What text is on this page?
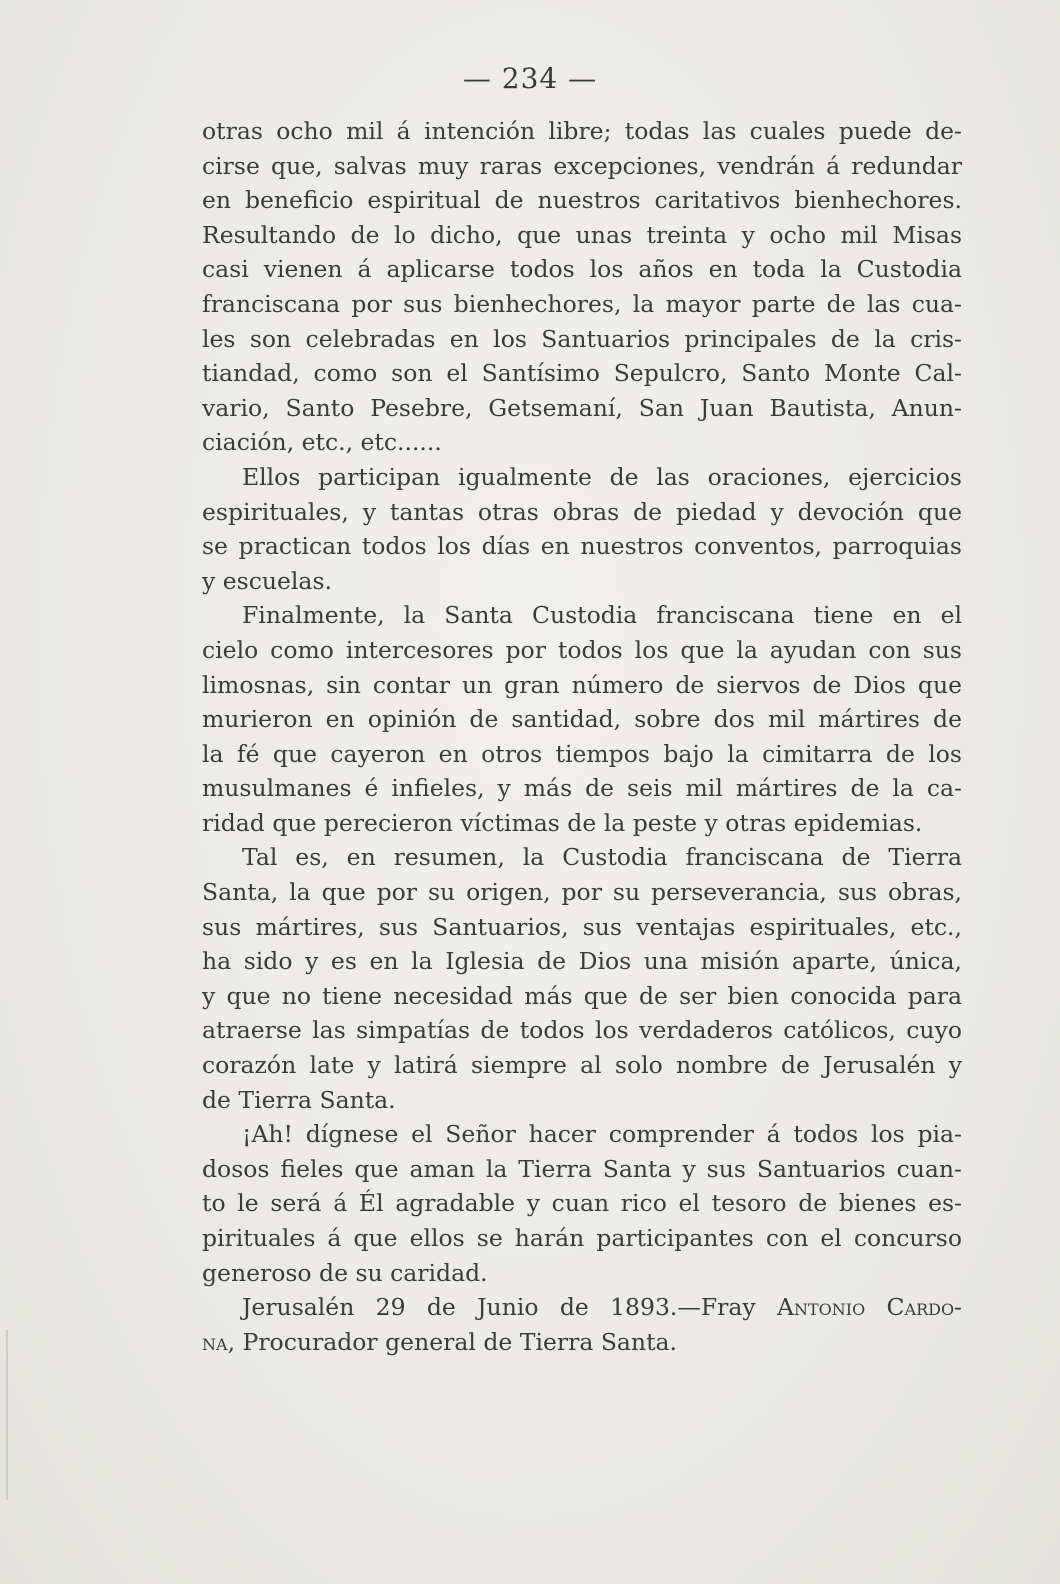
— 234 —
otras ocho mil á intención libre; todas las cuales puede de-
cirse que, salvas muy raras excepciones, vendrán á redundar
en beneficio espiritual de nuestros caritativos bienhechores.
Resultando de lo dicho, que unas treinta y ocho mil Misas
casi vienen á aplicarse todos los años en toda la Custodia
franciscana por sus bienhechores, la mayor parte de las cua-
les son celebradas en los Santuarios principales de la cris-
tiandad, como son el Santísimo Sepulcro, Santo Monte Cal-
vario, Santo Pesebre, Getsemaní, San Juan Bautista, Anun-
ciación, etc., etc......
Ellos participan igualmente de las oraciones, ejercicios
espirituales, y tantas otras obras de piedad y devoción que
se practican todos los días en nuestros conventos, parroquias
y escuelas.
Finalmente, la Santa Custodia franciscana tiene en el
cielo como intercesores por todos los que la ayudan con sus
limosnas, sin contar un gran número de siervos de Dios que
murieron en opinión de santidad, sobre dos mil mártires de
la fé que cayeron en otros tiempos bajo la cimitarra de los
musulmanes é infieles, y más de seis mil mártires de la ca-
ridad que perecieron víctimas de la peste y otras epidemias.
Tal es, en resumen, la Custodia franciscana de Tierra
Santa, la que por su origen, por su perseverancia, sus obras,
sus mártires, sus Santuarios, sus ventajas espirituales, etc.,
ha sido y es en la Iglesia de Dios una misión aparte, única,
y que no tiene necesidad más que de ser bien conocida para
atraerse las simpatías de todos los verdaderos católicos, cuyo
corazón late y latirá siempre al solo nombre de Jerusalén y
de Tierra Santa.
¡Ah! dígnese el Señor hacer comprender á todos los pia-
dosos fieles que aman la Tierra Santa y sus Santuarios cuan-
to le será á Él agradable y cuan rico el tesoro de bienes es-
pirituales á que ellos se harán participantes con el concurso
generoso de su caridad.
Jerusalén 29 de Junio de 1893.—Fray Antonio Cardo-
na, Procurador general de Tierra Santa.
